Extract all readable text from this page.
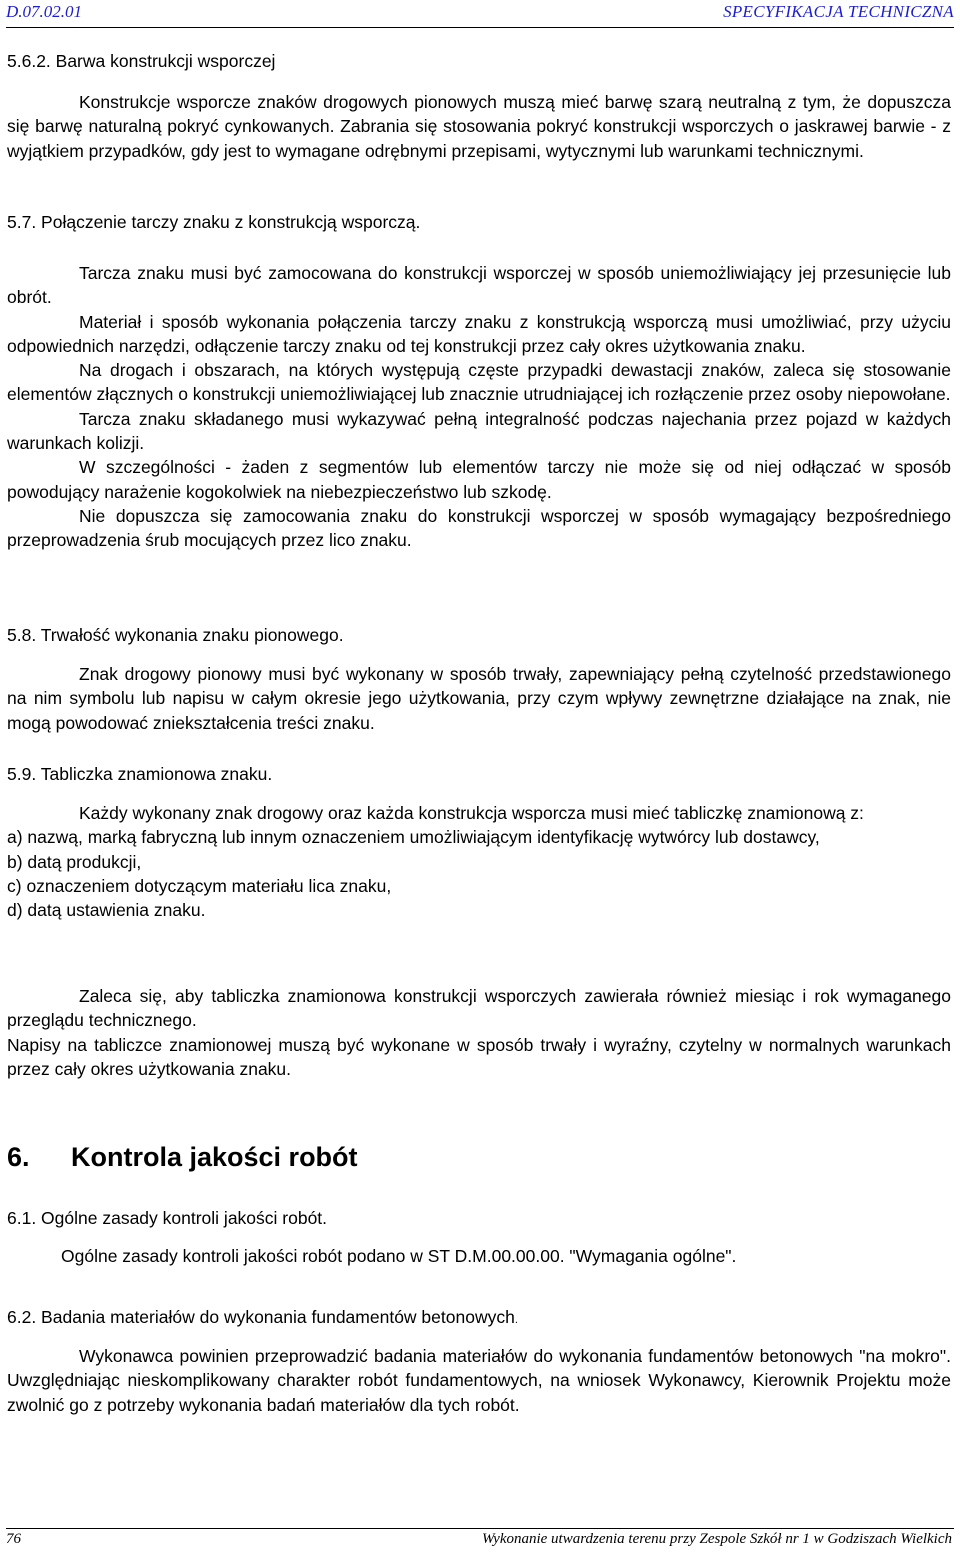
D.07.02.01	SPECYFIKACJA TECHNICZNA

5.6.2. Barwa konstrukcji wsporczej

Konstrukcje wsporcze znaków drogowych pionowych muszą mieć barwę szarą neutralną z tym, że dopuszcza się barwę naturalną pokryć cynkowanych. Zabrania się stosowania pokryć konstrukcji wsporczych o jaskrawej barwie - z wyjątkiem przypadków, gdy jest to wymagane odrębnymi przepisami, wytycznymi lub warunkami technicznymi.

5.7. Połączenie tarczy znaku z konstrukcją wsporczą.

Tarcza znaku musi być zamocowana do konstrukcji wsporczej w sposób uniemożliwiający jej przesunięcie lub obrót.

Materiał i sposób wykonania połączenia tarczy znaku z konstrukcją wsporczą musi umożliwiać, przy użyciu odpowiednich narzędzi, odłączenie tarczy znaku od tej konstrukcji przez cały okres użytkowania znaku.

Na drogach i obszarach, na których występują częste przypadki dewastacji znaków, zaleca się stosowanie elementów złącznych o konstrukcji uniemożliwiającej lub znacznie utrudniającej ich rozłączenie przez osoby niepowołane.

Tarcza znaku składanego musi wykazywać pełną integralność podczas najechania przez pojazd w każdych warunkach kolizji.

W szczególności - żaden z segmentów lub elementów tarczy nie może się od niej odłączać w sposób powodujący narażenie kogokolwiek na niebezpieczeństwo lub szkodę.

Nie dopuszcza się zamocowania znaku do konstrukcji wsporczej w sposób wymagający bezpośredniego przeprowadzenia śrub mocujących przez lico znaku.

5.8. Trwałość wykonania znaku pionowego.

Znak drogowy pionowy musi być wykonany w sposób trwały, zapewniający pełną czytelność przedstawionego na nim symbolu lub napisu w całym okresie jego użytkowania, przy czym wpływy zewnętrzne działające na znak, nie mogą powodować zniekształcenia treści znaku.

5.9. Tabliczka znamionowa znaku.

Każdy wykonany znak drogowy oraz każda konstrukcja wsporcza musi mieć tabliczkę znamionową z:

a) nazwą, marką fabryczną lub innym oznaczeniem umożliwiającym identyfikację wytwórcy lub dostawcy,

b) datą produkcji,

c) oznaczeniem dotyczącym materiału lica znaku,

d) datą ustawienia znaku.

Zaleca się, aby tabliczka znamionowa konstrukcji wsporczych zawierała również miesiąc i rok wymaganego przeglądu technicznego.

Napisy na tabliczce znamionowej muszą być wykonane w sposób trwały i wyraźny, czytelny w normalnych warunkach przez cały okres użytkowania znaku.

6. Kontrola jakości robót

6.1. Ogólne zasady kontroli jakości robót.

Ogólne zasady kontroli jakości robót podano w ST D.M.00.00.00. "Wymagania ogólne".

6.2. Badania materiałów do wykonania fundamentów betonowych.

Wykonawca powinien przeprowadzić badania materiałów do wykonania fundamentów betonowych "na mokro". Uwzględniając nieskomplikowany charakter robót fundamentowych, na wniosek Wykonawcy, Kierownik Projektu może zwolnić go z potrzeby wykonania badań materiałów dla tych robót.

76	Wykonanie utwardzenia terenu przy Zespole Szkół nr 1 w Godziszach Wielkich
